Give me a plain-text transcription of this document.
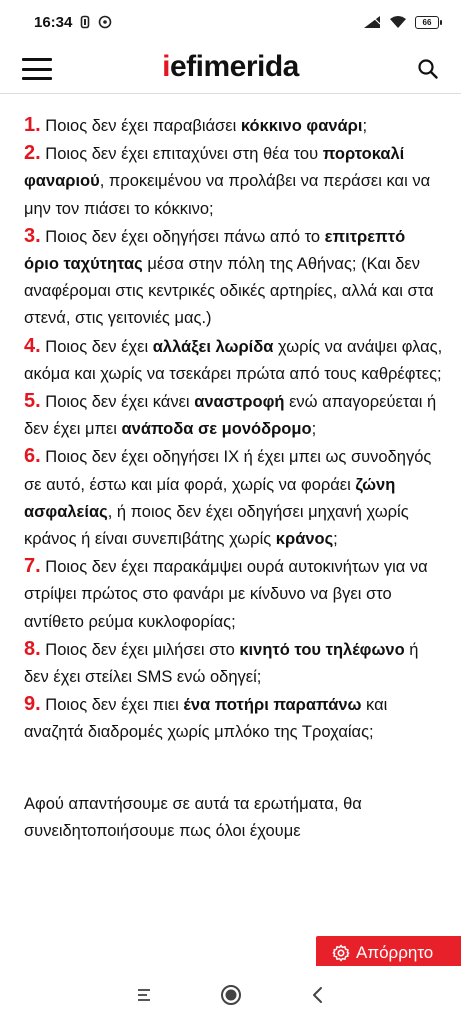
16:34	66
iefimerida

1. Ποιος δεν έχει παραβιάσει κόκκινο φανάρι;

2. Ποιος δεν έχει επιταχύνει στη θέα του πορτοκαλί φαναριού, προκειμένου να προλάβει να περάσει και να μην τον πιάσει το κόκκινο;

3. Ποιος δεν έχει οδηγήσει πάνω από το επιτρεπτό όριο ταχύτητας μέσα στην πόλη της Αθήνας; (Και δεν αναφέρομαι στις κεντρικές οδικές αρτηρίες, αλλά και στα στενά, στις γειτονιές μας.)

4. Ποιος δεν έχει αλλάξει λωρίδα χωρίς να ανάψει φλας, ακόμα και χωρίς να τσεκάρει πρώτα από τους καθρέφτες;

5. Ποιος δεν έχει κάνει αναστροφή ενώ απαγορεύεται ή δεν έχει μπει ανάποδα σε μονόδρομο;

6. Ποιος δεν έχει οδηγήσει ΙΧ ή έχει μπει ως συνοδηγός σε αυτό, έστω και μία φορά, χωρίς να φοράει ζώνη ασφαλείας, ή ποιος δεν έχει οδηγήσει μηχανή χωρίς κράνος ή είναι συνεπιβάτης χωρίς κράνος;

7. Ποιος δεν έχει παρακάμψει ουρά αυτοκινήτων για να στρίψει πρώτος στο φανάρι με κίνδυνο να βγει στο αντίθετο ρεύμα κυκλοφορίας;

8. Ποιος δεν έχει μιλήσει στο κινητό του τηλέφωνο ή δεν έχει στείλει SMS ενώ οδηγεί;

9. Ποιος δεν έχει πιει ένα ποτήρι παραπάνω και αναζητά διαδρομές χωρίς μπλόκο της Τροχαίας;

Αφού απαντήσουμε σε αυτά τα ερωτήματα, θα συνειδητοποιήσουμε πως όλοι έχουμε

Απόρρητο
